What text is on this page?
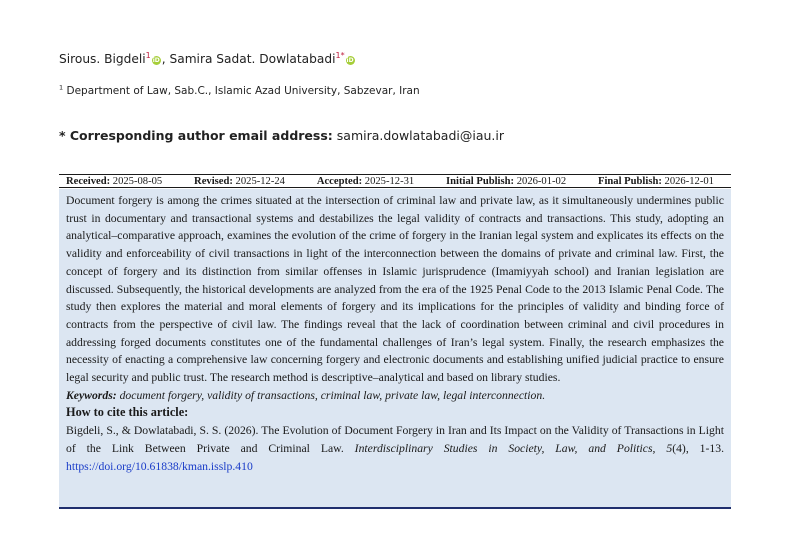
Sirous. Bigdeli$^1$iD , Samira Sadat. Dowlatabadi$^{1*}$iD
$^1$ Department of Law, Sab.C., Islamic Azad University, Sabzevar, Iran
* Corresponding author email address: samira.dowlatabadi@iau.ir
Received: 2025-08-05	Revised: 2025-12-24	Accepted: 2025-12-31	Initial Publish: 2026-01-02	Final Publish: 2026-12-01

Document forgery is among the crimes situated at the intersection of criminal law and private law, as it simultaneously undermines public trust in documentary and transactional systems and destabilizes the legal validity of contracts and transactions. This study, adopting an analytical–comparative approach, examines the evolution of the crime of forgery in the Iranian legal system and explicates its effects on the validity and enforceability of civil transactions in light of the interconnection between the domains of private and criminal law. First, the concept of forgery and its distinction from similar offenses in Islamic jurisprudence (Imamiyyah school) and Iranian legislation are discussed. Subsequently, the historical developments are analyzed from the era of the 1925 Penal Code to the 2013 Islamic Penal Code. The study then explores the material and moral elements of forgery and its implications for the principles of validity and binding force of contracts from the perspective of civil law. The findings reveal that the lack of coordination between criminal and civil procedures in addressing forged documents constitutes one of the fundamental challenges of Iran’s legal system. Finally, the research emphasizes the necessity of enacting a comprehensive law concerning forgery and electronic documents and establishing unified judicial practice to ensure legal security and public trust. The research method is descriptive–analytical and based on library studies.

Keywords: document forgery, validity of transactions, criminal law, private law, legal interconnection.

How to cite this article:

Bigdeli, S., & Dowlatabadi, S. S. (2026). The Evolution of Document Forgery in Iran and Its Impact on the Validity of Transactions in Light of the Link Between Private and Criminal Law. Interdisciplinary Studies in Society, Law, and Politics, 5(4), 1-13. https://doi.org/10.61838/kman.isslp.410
